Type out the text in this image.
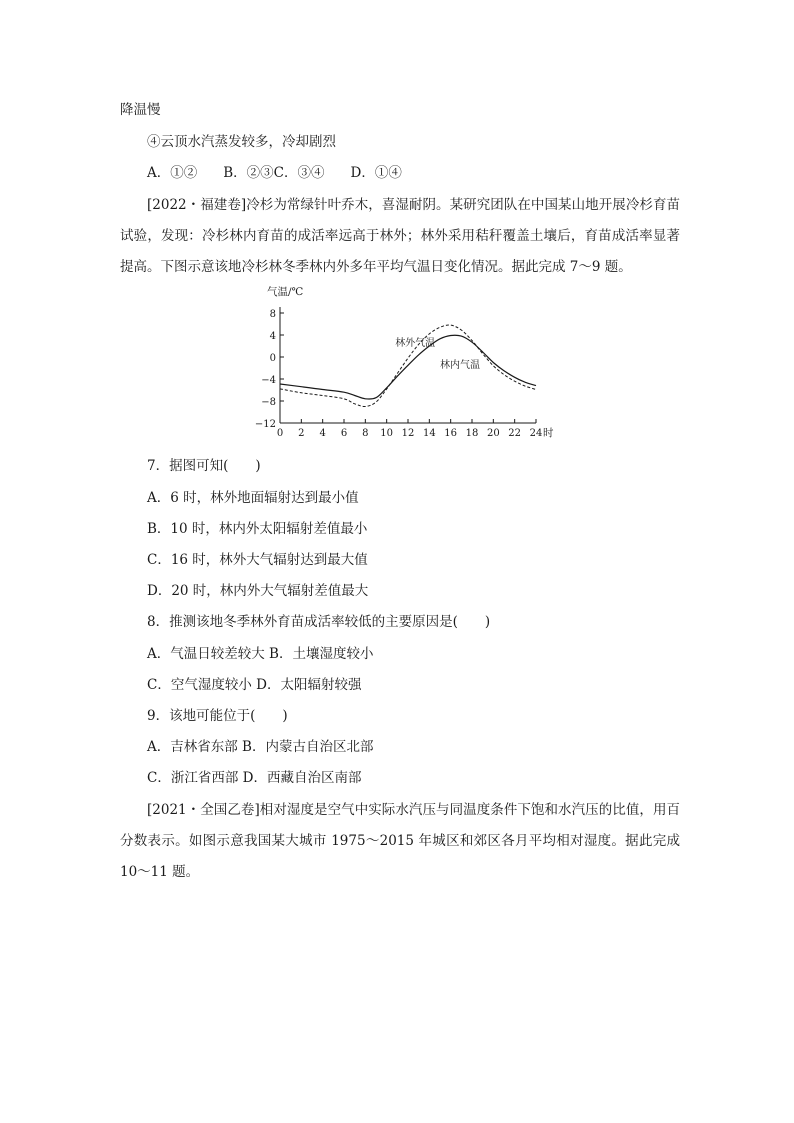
降温慢
④云顶水汽蒸发较多，冷却剧烈
A．①② B．②③C．③④ D．①④
[2022・福建卷]冷杉为常绿针叶乔木，喜湿耐阴。某研究团队在中国某山地开展冷杉育苗试验，发现：冷杉林内育苗的成活率远高于林外；林外采用秸秆覆盖土壤后，育苗成活率显著提高。下图示意该地冷杉林冬季林内外多年平均气温日变化情况。据此完成 7～9 题。
8
4
0
−4
−8
−12
0 2 4 6 8 10 12 14 16 18 20 22 24
气温/℃
时
林外气温
林内气温
7．据图可知(　　)
A．6 时，林外地面辐射达到最小值
B．10 时，林内外太阳辐射差值最小
C．16 时，林外大气辐射达到最大值
D．20 时，林内外大气辐射差值最大
8．推测该地冬季林外育苗成活率较低的主要原因是(　　)
A．气温日较差较大 B．土壤湿度较小
C．空气湿度较小 D．太阳辐射较强
9．该地可能位于(　　)
A．吉林省东部 B．内蒙古自治区北部
C．浙江省西部 D．西藏自治区南部
[2021・全国乙卷]相对湿度是空气中实际水汽压与同温度条件下饱和水汽压的比值，用百分数表示。如图示意我国某大城市 1975～2015 年城区和郊区各月平均相对湿度。据此完成 10～11 题。
